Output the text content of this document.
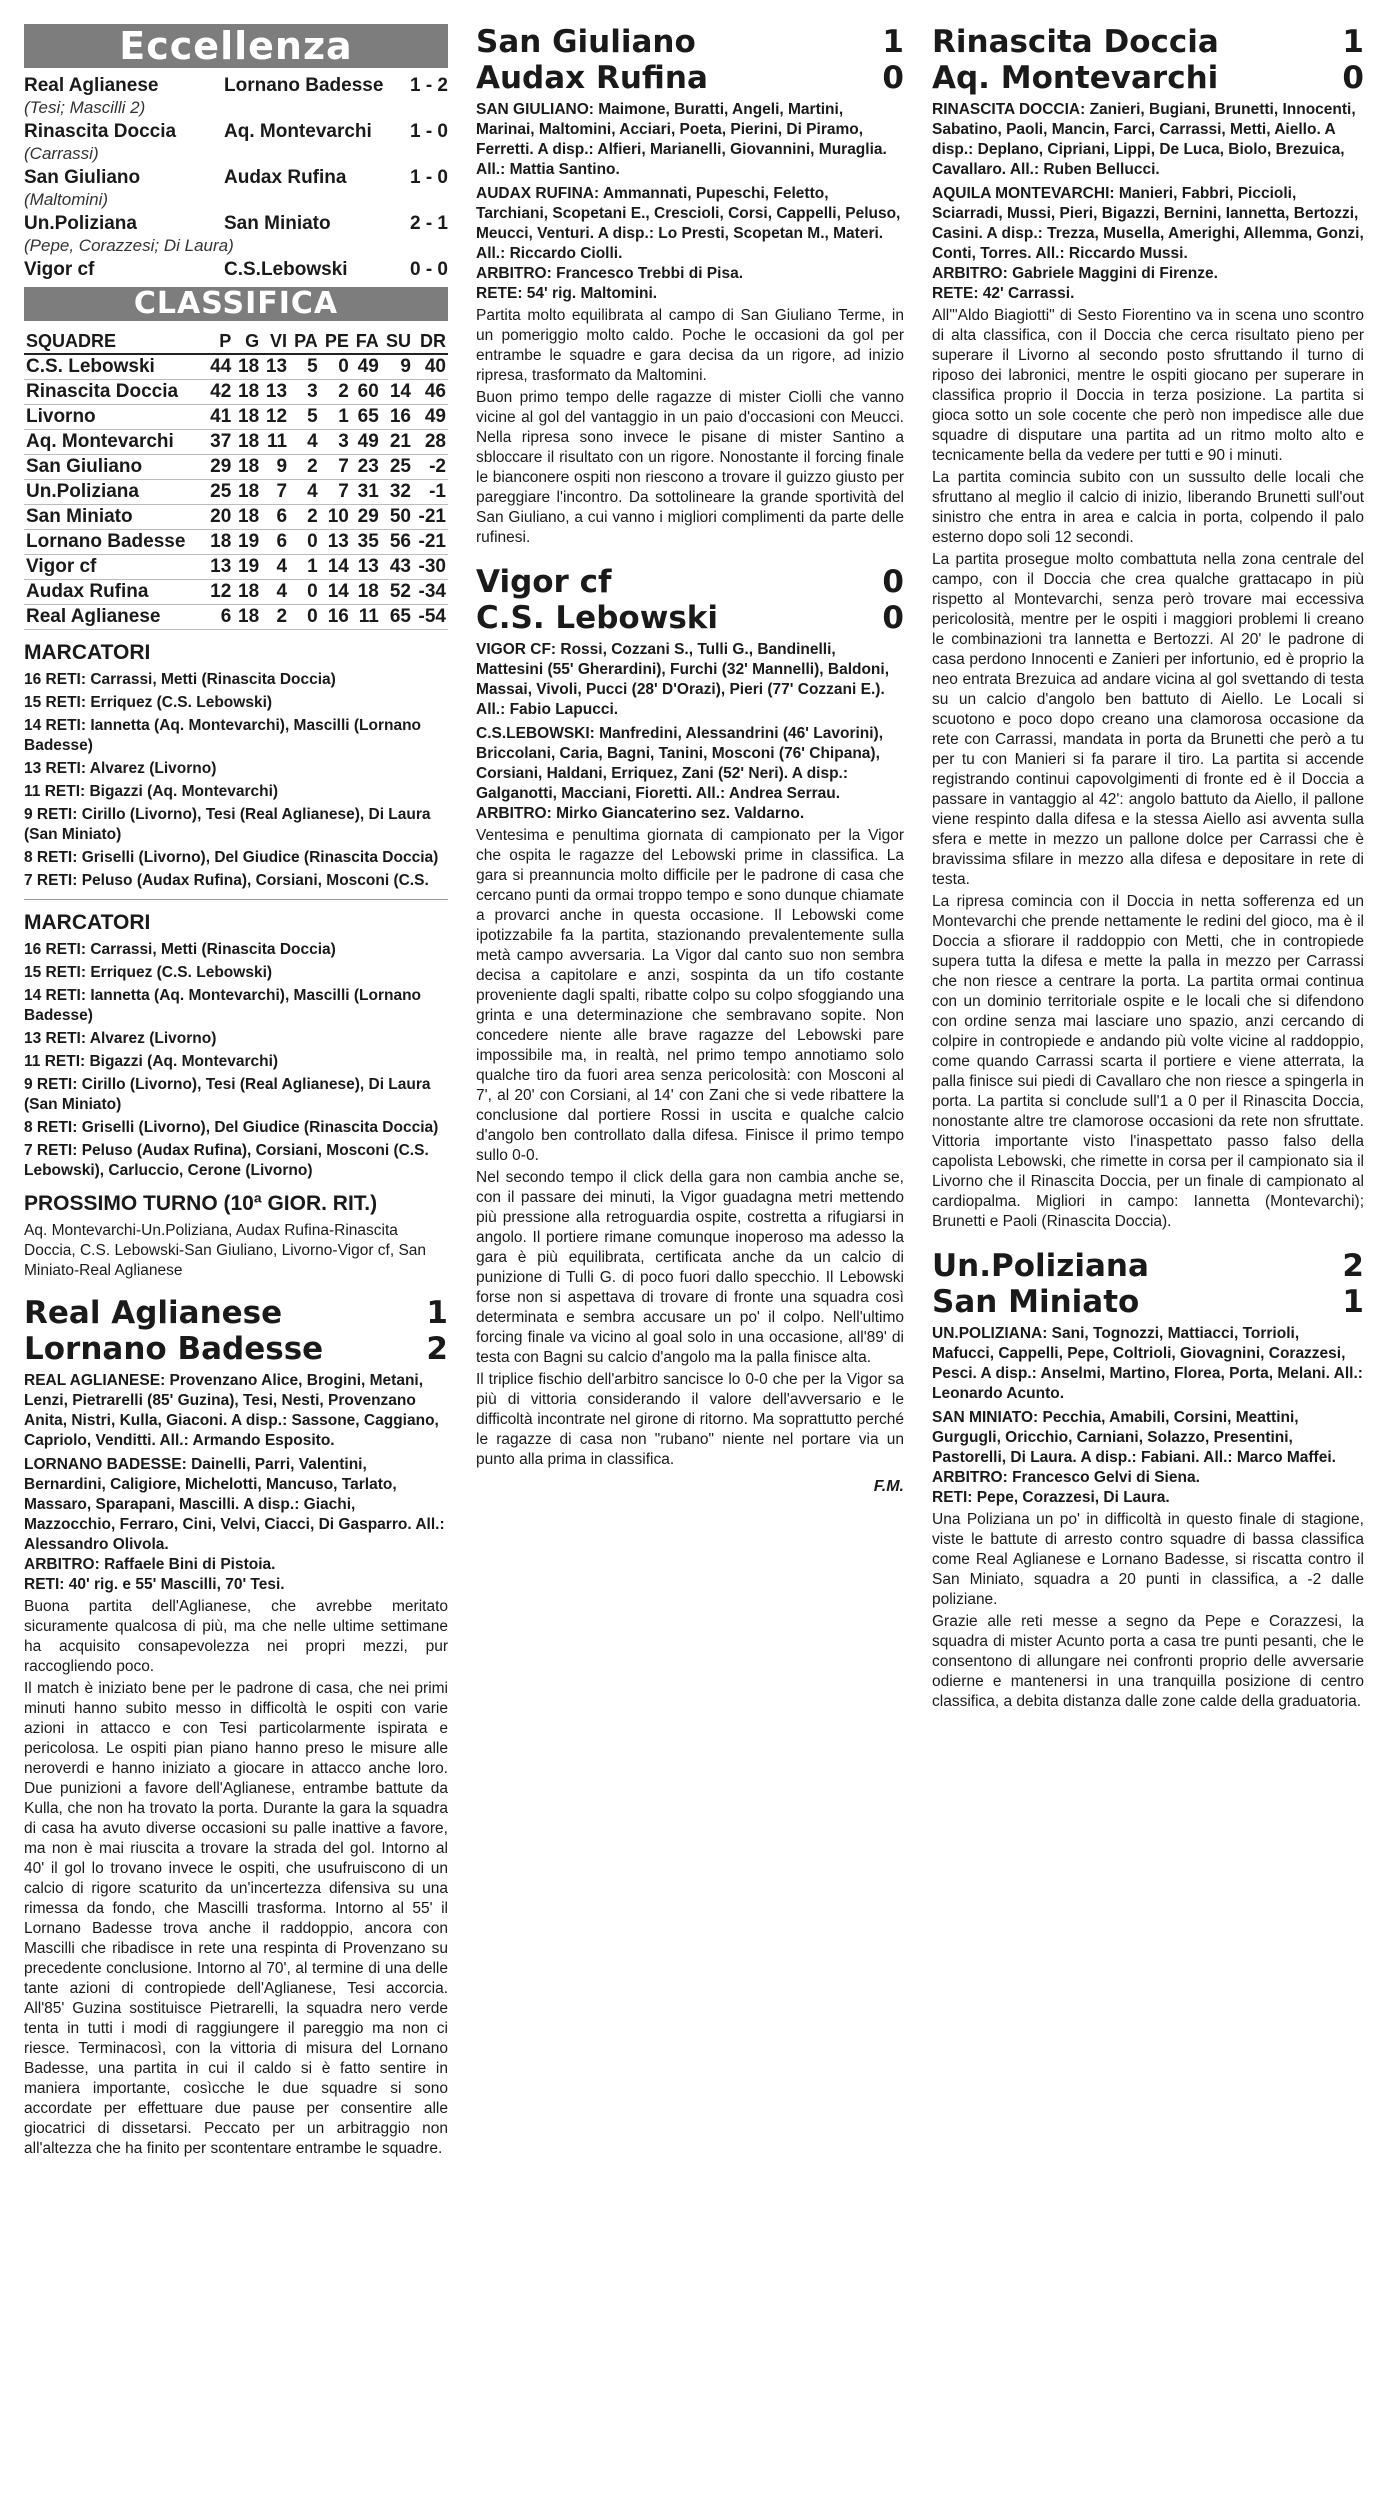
Eccellenza
Real Aglianese	Lornano Badesse	1 - 2
(Tesi; Mascilli 2)
Rinascita Doccia	Aq. Montevarchi	1 - 0
(Carrassi)
San Giuliano	Audax Rufina	1 - 0
(Maltomini)
Un.Poliziana	San Miniato	2 - 1
(Pepe, Corazzesi; Di Laura)
Vigor cf	C.S.Lebowski	0 - 0
CLASSIFICA
SQUADRE	P	G	VI	PA	PE	FA	SU	DR
C.S. Lebowski	44	18	13	5	0	49	9	40
Rinascita Doccia	42	18	13	3	2	60	14	46
Livorno	41	18	12	5	1	65	16	49
Aq. Montevarchi	37	18	11	4	3	49	21	28
San Giuliano	29	18	9	2	7	23	25	-2
Un.Poliziana	25	18	7	4	7	31	32	-1
San Miniato	20	18	6	2	10	29	50	-21
Lornano Badesse	18	19	6	0	13	35	56	-21
Vigor cf	13	19	4	1	14	13	43	-30
Audax Rufina	12	18	4	0	14	18	52	-34
Real Aglianese	6	18	2	0	16	11	65	-54
MARCATORI
16 RETI: Carrassi, Metti (Rinascita Doccia)
15 RETI: Erriquez (C.S. Lebowski)
14 RETI: Iannetta (Aq. Montevarchi), Mascilli (Lornano Badesse)
13 RETI: Alvarez (Livorno)
11 RETI: Bigazzi (Aq. Montevarchi)
9 RETI: Cirillo (Livorno), Tesi (Real Aglianese), Di Laura (San Miniato)
8 RETI: Griselli (Livorno), Del Giudice (Rinascita Doccia)
7 RETI: Peluso (Audax Rufina), Corsiani, Mosconi (C.S.
MARCATORI
16 RETI: Carrassi, Metti (Rinascita Doccia)
15 RETI: Erriquez (C.S. Lebowski)
14 RETI: Iannetta (Aq. Montevarchi), Mascilli (Lornano Badesse)
13 RETI: Alvarez (Livorno)
11 RETI: Bigazzi (Aq. Montevarchi)
9 RETI: Cirillo (Livorno), Tesi (Real Aglianese), Di Laura (San Miniato)
8 RETI: Griselli (Livorno), Del Giudice (Rinascita Doccia)
7 RETI: Peluso (Audax Rufina), Corsiani, Mosconi (C.S. Lebowski), Carluccio, Cerone (Livorno)
PROSSIMO TURNO (10ª GIOR. RIT.)
Aq. Montevarchi-Un.Poliziana, Audax Rufina-Rinascita Doccia, C.S. Lebowski-San Giuliano, Livorno-Vigor cf, San Miniato-Real Aglianese
Real Aglianese	1
Lornano Badesse	2
REAL AGLIANESE: Provenzano Alice, Brogini, Metani, Lenzi, Pietrarelli (85' Guzina), Tesi, Nesti, Provenzano Anita, Nistri, Kulla, Giaconi. A disp.: Sassone, Caggiano, Capriolo, Venditti. All.: Armando Esposito.
LORNANO BADESSE: Dainelli, Parri, Valentini, Bernardini, Caligiore, Michelotti, Mancuso, Tarlato, Massaro, Sparapani, Mascilli. A disp.: Giachi, Mazzocchio, Ferraro, Cini, Velvi, Ciacci, Di Gasparro. All.: Alessandro Olivola.
ARBITRO: Raffaele Bini di Pistoia.
RETI: 40' rig. e 55' Mascilli, 70' Tesi.
Buona partita dell'Aglianese, che avrebbe meritato sicuramente qualcosa di più, ma che nelle ultime settimane ha acquisito consapevolezza nei propri mezzi, pur raccogliendo poco.
Il match è iniziato bene per le padrone di casa, che nei primi minuti hanno subito messo in difficoltà le ospiti con varie azioni in attacco e con Tesi particolarmente ispirata e pericolosa. Le ospiti pian piano hanno preso le misure alle neroverdi e hanno iniziato a giocare in attacco anche loro. Due punizioni a favore dell'Aglianese, entrambe battute da Kulla, che non ha trovato la porta. Durante la gara la squadra di casa ha avuto diverse occasioni su palle inattive a favore, ma non è mai riuscita a trovare la strada del gol. Intorno al 40' il gol lo trovano invece le ospiti, che usufruiscono di un calcio di rigore scaturito da un'incertezza difensiva su una rimessa da fondo, che Mascilli trasforma. Intorno al 55' il Lornano Badesse trova anche il raddoppio, ancora con Mascilli che ribadisce in rete una respinta di Provenzano su precedente conclusione. Intorno al 70', al termine di una delle tante azioni di contropiede dell'Aglianese, Tesi accorcia. All'85' Guzina sostituisce Pietrarelli, la squadra nero verde tenta in tutti i modi di raggiungere il pareggio ma non ci riesce. Terminacosì, con la vittoria di misura del Lornano Badesse, una partita in cui il caldo si è fatto sentire in maniera importante, cosìcche le due squadre si sono accordate per effettuare due pause per consentire alle giocatrici di dissetarsi. Peccato per un arbitraggio non all'altezza che ha finito per scontentare entrambe le squadre.
San Giuliano	1
Audax Rufina	0
SAN GIULIANO: Maimone, Buratti, Angeli, Martini, Marinai, Maltomini, Acciari, Poeta, Pierini, Di Piramo, Ferretti. A disp.: Alfieri, Marianelli, Giovannini, Muraglia. All.: Mattia Santino.
AUDAX RUFINA: Ammannati, Pupeschi, Feletto, Tarchiani, Scopetani E., Crescioli, Corsi, Cappelli, Peluso, Meucci, Venturi. A disp.: Lo Presti, Scopetan M., Materi. All.: Riccardo Ciolli.
ARBITRO: Francesco Trebbi di Pisa.
RETE: 54' rig. Maltomini.
Partita molto equilibrata al campo di San Giuliano Terme, in un pomeriggio molto caldo. Poche le occasioni da gol per entrambe le squadre e gara decisa da un rigore, ad inizio ripresa, trasformato da Maltomini.
Buon primo tempo delle ragazze di mister Ciolli che vanno vicine al gol del vantaggio in un paio d'occasioni con Meucci. Nella ripresa sono invece le pisane di mister Santino a sbloccare il risultato con un rigore. Nonostante il forcing finale le bianconere ospiti non riescono a trovare il guizzo giusto per pareggiare l'incontro. Da sottolineare la grande sportività del San Giuliano, a cui vanno i migliori complimenti da parte delle rufinesi.
Vigor cf	0
C.S. Lebowski	0
VIGOR CF: Rossi, Cozzani S., Tulli G., Bandinelli, Mattesini (55' Gherardini), Furchi (32' Mannelli), Baldoni, Massai, Vivoli, Pucci (28' D'Orazi), Pieri (77' Cozzani E.). All.: Fabio Lapucci.
C.S.LEBOWSKI: Manfredini, Alessandrini (46' Lavorini), Briccolani, Caria, Bagni, Tanini, Mosconi (76' Chipana), Corsiani, Haldani, Erriquez, Zani (52' Neri). A disp.: Galganotti, Macciani, Fioretti. All.: Andrea Serrau.
ARBITRO: Mirko Giancaterino sez. Valdarno.
Ventesima e penultima giornata di campionato per la Vigor che ospita le ragazze del Lebowski prime in classifica. La gara si preannuncia molto difficile per le padrone di casa che cercano punti da ormai troppo tempo e sono dunque chiamate a provarci anche in questa occasione. Il Lebowski come ipotizzabile fa la partita, stazionando prevalentemente sulla metà campo avversaria. La Vigor dal canto suo non sembra decisa a capitolare e anzi, sospinta da un tifo costante proveniente dagli spalti, ribatte colpo su colpo sfoggiando una grinta e una determinazione che sembravano sopite. Non concedere niente alle brave ragazze del Lebowski pare impossibile ma, in realtà, nel primo tempo annotiamo solo qualche tiro da fuori area senza pericolosità: con Mosconi al 7', al 20' con Corsiani, al 14' con Zani che si vede ribattere la conclusione dal portiere Rossi in uscita e qualche calcio d'angolo ben controllato dalla difesa. Finisce il primo tempo sullo 0-0.
Nel secondo tempo il click della gara non cambia anche se, con il passare dei minuti, la Vigor guadagna metri mettendo più pressione alla retroguardia ospite, costretta a rifugiarsi in angolo. Il portiere rimane comunque inoperoso ma adesso la gara è più equilibrata, certificata anche da un calcio di punizione di Tulli G. di poco fuori dallo specchio. Il Lebowski forse non si aspettava di trovare di fronte una squadra così determinata e sembra accusare un po' il colpo. Nell'ultimo forcing finale va vicino al goal solo in una occasione, all'89' di testa con Bagni su calcio d'angolo ma la palla finisce alta.
Il triplice fischio dell'arbitro sancisce lo 0-0 che per la Vigor sa più di vittoria considerando il valore dell'avversario e le difficoltà incontrate nel girone di ritorno. Ma soprattutto perché le ragazze di casa non "rubano" niente nel portare via un punto alla prima in classifica.
F.M.
Rinascita Doccia	1
Aq. Montevarchi	0
RINASCITA DOCCIA: Zanieri, Bugiani, Brunetti, Innocenti, Sabatino, Paoli, Mancin, Farci, Carrassi, Metti, Aiello. A disp.: Deplano, Cipriani, Lippi, De Luca, Biolo, Brezuica, Cavallaro. All.: Ruben Bellucci.
AQUILA MONTEVARCHI: Manieri, Fabbri, Piccioli, Sciarradi, Mussi, Pieri, Bigazzi, Bernini, Iannetta, Bertozzi, Casini. A disp.: Trezza, Musella, Amerighi, Allemma, Gonzi, Conti, Torres. All.: Riccardo Mussi.
ARBITRO: Gabriele Maggini di Firenze.
RETE: 42' Carrassi.
All'"Aldo Biagiotti" di Sesto Fiorentino va in scena uno scontro di alta classifica, con il Doccia che cerca risultato pieno per superare il Livorno al secondo posto sfruttando il turno di riposo dei labronici, mentre le ospiti giocano per superare in classifica proprio il Doccia in terza posizione. La partita si gioca sotto un sole cocente che però non impedisce alle due squadre di disputare una partita ad un ritmo molto alto e tecnicamente bella da vedere per tutti e 90 i minuti.
La partita comincia subito con un sussulto delle locali che sfruttano al meglio il calcio di inizio, liberando Brunetti sull'out sinistro che entra in area e calcia in porta, colpendo il palo esterno dopo soli 12 secondi.
La partita prosegue molto combattuta nella zona centrale del campo, con il Doccia che crea qualche grattacapo in più rispetto al Montevarchi, senza però trovare mai eccessiva pericolosità, mentre per le ospiti i maggiori problemi li creano le combinazioni tra Iannetta e Bertozzi. Al 20' le padrone di casa perdono Innocenti e Zanieri per infortunio, ed è proprio la neo entrata Brezuica ad andare vicina al gol svettando di testa su un calcio d'angolo ben battuto di Aiello. Le Locali si scuotono e poco dopo creano una clamorosa occasione da rete con Carrassi, mandata in porta da Brunetti che però a tu per tu con Manieri si fa parare il tiro. La partita si accende registrando continui capovolgimenti di fronte ed è il Doccia a passare in vantaggio al 42': angolo battuto da Aiello, il pallone viene respinto dalla difesa e la stessa Aiello asi avventa sulla sfera e mette in mezzo un pallone dolce per Carrassi che è bravissima sfilare in mezzo alla difesa e depositare in rete di testa.
La ripresa comincia con il Doccia in netta sofferenza ed un Montevarchi che prende nettamente le redini del gioco, ma è il Doccia a sfiorare il raddoppio con Metti, che in contropiede supera tutta la difesa e mette la palla in mezzo per Carrassi che non riesce a centrare la porta. La partita ormai continua con un dominio territoriale ospite e le locali che si difendono con ordine senza mai lasciare uno spazio, anzi cercando di colpire in contropiede e andando più volte vicine al raddoppio, come quando Carrassi scarta il portiere e viene atterrata, la palla finisce sui piedi di Cavallaro che non riesce a spingerla in porta. La partita si conclude sull'1 a 0 per il Rinascita Doccia, nonostante altre tre clamorose occasioni da rete non sfruttate. Vittoria importante visto l'inaspettato passo falso della capolista Lebowski, che rimette in corsa per il campionato sia il Livorno che il Rinascita Doccia, per un finale di campionato al cardiopalma. Migliori in campo: Iannetta (Montevarchi); Brunetti e Paoli (Rinascita Doccia).
Un.Poliziana	2
San Miniato	1
UN.POLIZIANA: Sani, Tognozzi, Mattiacci, Torrioli, Mafucci, Cappelli, Pepe, Coltrioli, Giovagnini, Corazzesi, Pesci. A disp.: Anselmi, Martino, Florea, Porta, Melani. All.: Leonardo Acunto.
SAN MINIATO: Pecchia, Amabili, Corsini, Meattini, Gurgugli, Oricchio, Carniani, Solazzo, Presentini, Pastorelli, Di Laura. A disp.: Fabiani. All.: Marco Maffei.
ARBITRO: Francesco Gelvi di Siena.
RETI: Pepe, Corazzesi, Di Laura.
Una Poliziana un po' in difficoltà in questo finale di stagione, viste le battute di arresto contro squadre di bassa classifica come Real Aglianese e Lornano Badesse, si riscatta contro il San Miniato, squadra a 20 punti in classifica, a -2 dalle poliziane.
Grazie alle reti messe a segno da Pepe e Corazzesi, la squadra di mister Acunto porta a casa tre punti pesanti, che le consentono di allungare nei confronti proprio delle avversarie odierne e mantenersi in una tranquilla posizione di centro classifica, a debita distanza dalle zone calde della graduatoria.
